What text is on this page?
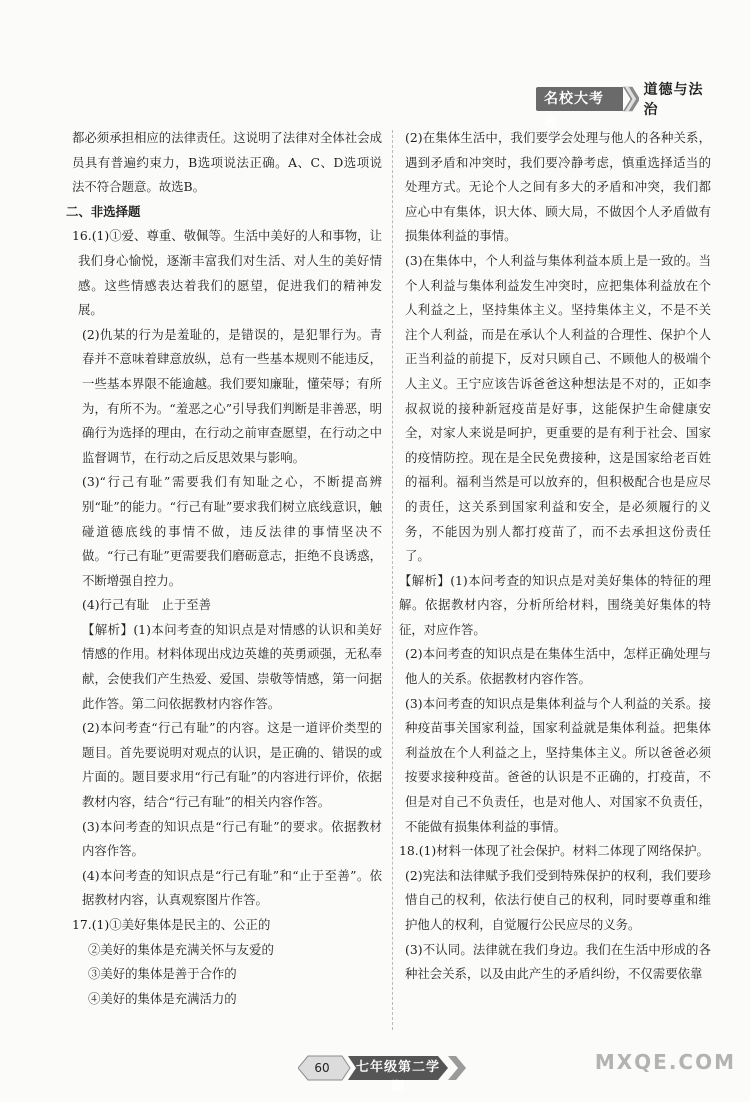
名校大考卷
道德与法治

都必须承担相应的法律责任。这说明了法律对全体社会成员具有普遍约束力，B选项说法正确。A、C、D选项说法不符合题意。故选B。

二、非选择题

16.(1)①爱、尊重、敬佩等。生活中美好的人和事物，让我们身心愉悦，逐渐丰富我们对生活、对人生的美好情感。这些情感表达着我们的愿望，促进我们的精神发展。

(2)仇某的行为是羞耻的，是错误的，是犯罪行为。青春并不意味着肆意放纵，总有一些基本规则不能违反，一些基本界限不能逾越。我们要知廉耻，懂荣辱；有所为，有所不为。“羞恶之心”引导我们判断是非善恶，明确行为选择的理由，在行动之前审查愿望，在行动之中监督调节，在行动之后反思效果与影响。

(3)“行己有耻”需要我们有知耻之心，不断提高辨别“耻”的能力。“行己有耻”要求我们树立底线意识，触碰道德底线的事情不做，违反法律的事情坚决不做。“行己有耻”更需要我们磨砺意志，拒绝不良诱惑，不断增强自控力。

(4)行己有耻　止于至善

【解析】(1)本问考查的知识点是对情感的认识和美好情感的作用。材料体现出戍边英雄的英勇顽强，无私奉献，会使我们产生热爱、爱国、崇敬等情感，第一问据此作答。第二问依据教材内容作答。

(2)本问考查“行己有耻”的内容。这是一道评价类型的题目。首先要说明对观点的认识，是正确的、错误的或片面的。题目要求用“行己有耻”的内容进行评价，依据教材内容，结合“行己有耻”的相关内容作答。

(3)本问考查的知识点是“行己有耻”的要求。依据教材内容作答。

(4)本问考查的知识点是“行己有耻”和“止于至善”。依据教材内容，认真观察图片作答。

17.(1)①美好集体是民主的、公正的

②美好的集体是充满关怀与友爱的

③美好的集体是善于合作的

④美好的集体是充满活力的

(2)在集体生活中，我们要学会处理与他人的各种关系，遇到矛盾和冲突时，我们要冷静考虑，慎重选择适当的处理方式。无论个人之间有多大的矛盾和冲突，我们都应心中有集体，识大体、顾大局，不做因个人矛盾做有损集体利益的事情。

(3)在集体中，个人利益与集体利益本质上是一致的。当个人利益与集体利益发生冲突时，应把集体利益放在个人利益之上，坚持集体主义。坚持集体主义，不是不关注个人利益，而是在承认个人利益的合理性、保护个人正当利益的前提下，反对只顾自己、不顾他人的极端个人主义。王宁应该告诉爸爸这种想法是不对的，正如李叔叔说的接种新冠疫苗是好事，这能保护生命健康安全，对家人来说是呵护，更重要的是有利于社会、国家的疫情防控。现在是全民免费接种，这是国家给老百姓的福利。福利当然是可以放弃的，但积极配合也是应尽的责任，这关系到国家利益和安全，是必须履行的义务，不能因为别人都打疫苗了，而不去承担这份责任了。

【解析】(1)本问考查的知识点是对美好集体的特征的理解。依据教材内容，分析所给材料，围绕美好集体的特征，对应作答。

(2)本问考查的知识点是在集体生活中，怎样正确处理与他人的关系。依据教材内容作答。

(3)本问考查的知识点是集体利益与个人利益的关系。接种疫苗事关国家利益，国家利益就是集体利益。把集体利益放在个人利益之上，坚持集体主义。所以爸爸必须按要求接种疫苗。爸爸的认识是不正确的，打疫苗，不但是对自己不负责任，也是对他人、对国家不负责任，不能做有损集体利益的事情。

18.(1)材料一体现了社会保护。材料二体现了网络保护。

(2)宪法和法律赋予我们受到特殊保护的权利，我们要珍惜自己的权利，依法行使自己的权利，同时要尊重和维护他人的权利，自觉履行公民应尽的义务。

(3)不认同。法律就在我们身边。我们在生活中形成的各种社会关系，以及由此产生的矛盾纠纷，不仅需要依靠

60	七年级第二学期
MXQE.COM
